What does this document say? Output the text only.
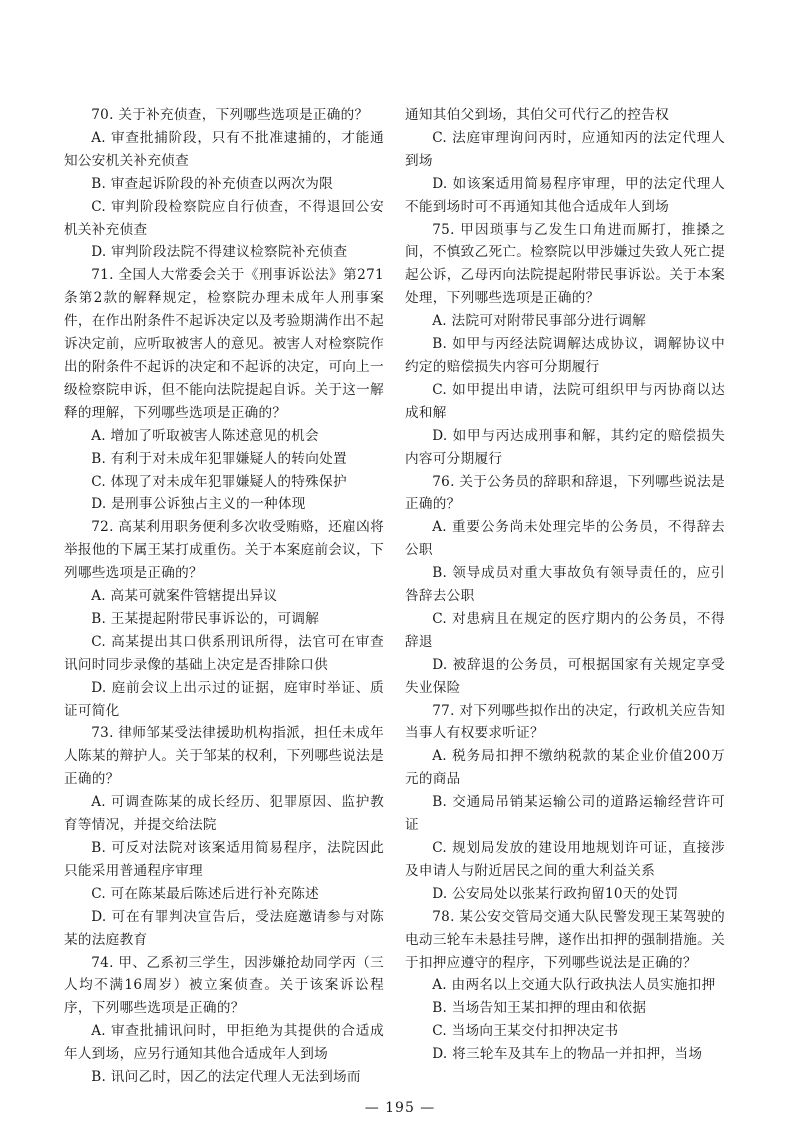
70. 关于补充侦查，下列哪些选项是正确的？

A. 审查批捕阶段，只有不批准逮捕的，才能通知公安机关补充侦查

B. 审查起诉阶段的补充侦查以两次为限

C. 审判阶段检察院应自行侦查，不得退回公安机关补充侦查

D. 审判阶段法院不得建议检察院补充侦查

71. 全国人大常委会关于《刑事诉讼法》第271条第2款的解释规定，检察院办理未成年人刑事案件，在作出附条件不起诉决定以及考验期满作出不起诉决定前，应听取被害人的意见。被害人对检察院作出的附条件不起诉的决定和不起诉的决定，可向上一级检察院申诉，但不能向法院提起自诉。关于这一解释的理解，下列哪些选项是正确的？

A. 增加了听取被害人陈述意见的机会

B. 有利于对未成年犯罪嫌疑人的转向处置

C. 体现了对未成年犯罪嫌疑人的特殊保护

D. 是刑事公诉独占主义的一种体现

72. 高某利用职务便利多次收受贿赂，还雇凶将举报他的下属王某打成重伤。关于本案庭前会议，下列哪些选项是正确的？

A. 高某可就案件管辖提出异议

B. 王某提起附带民事诉讼的，可调解

C. 高某提出其口供系刑讯所得，法官可在审查讯问时同步录像的基础上决定是否排除口供

D. 庭前会议上出示过的证据，庭审时举证、质证可简化

73. 律师邹某受法律援助机构指派，担任未成年人陈某的辩护人。关于邹某的权利，下列哪些说法是正确的？

A. 可调查陈某的成长经历、犯罪原因、监护教育等情况，并提交给法院

B. 可反对法院对该案适用简易程序，法院因此只能采用普通程序审理

C. 可在陈某最后陈述后进行补充陈述

D. 可在有罪判决宣告后，受法庭邀请参与对陈某的法庭教育

74. 甲、乙系初三学生，因涉嫌抢劫同学丙（三人均不满16周岁）被立案侦查。关于该案诉讼程序，下列哪些选项是正确的？

A. 审查批捕讯问时，甲拒绝为其提供的合适成年人到场，应另行通知其他合适成年人到场

B. 讯问乙时，因乙的法定代理人无法到场而

通知其伯父到场，其伯父可代行乙的控告权

C. 法庭审理询问丙时，应通知丙的法定代理人到场

D. 如该案适用简易程序审理，甲的法定代理人不能到场时可不再通知其他合适成年人到场

75. 甲因琐事与乙发生口角进而厮打，推搡之间，不慎致乙死亡。检察院以甲涉嫌过失致人死亡提起公诉，乙母丙向法院提起附带民事诉讼。关于本案处理，下列哪些选项是正确的？

A. 法院可对附带民事部分进行调解

B. 如甲与丙经法院调解达成协议，调解协议中约定的赔偿损失内容可分期履行

C. 如甲提出申请，法院可组织甲与丙协商以达成和解

D. 如甲与丙达成刑事和解，其约定的赔偿损失内容可分期履行

76. 关于公务员的辞职和辞退，下列哪些说法是正确的？

A. 重要公务尚未处理完毕的公务员，不得辞去公职

B. 领导成员对重大事故负有领导责任的，应引咎辞去公职

C. 对患病且在规定的医疗期内的公务员，不得辞退

D. 被辞退的公务员，可根据国家有关规定享受失业保险

77. 对下列哪些拟作出的决定，行政机关应告知当事人有权要求听证？

A. 税务局扣押不缴纳税款的某企业价值200万元的商品

B. 交通局吊销某运输公司的道路运输经营许可证

C. 规划局发放的建设用地规划许可证，直接涉及申请人与附近居民之间的重大利益关系

D. 公安局处以张某行政拘留10天的处罚

78. 某公安交管局交通大队民警发现王某驾驶的电动三轮车未悬挂号牌，遂作出扣押的强制措施。关于扣押应遵守的程序，下列哪些说法是正确的？

A. 由两名以上交通大队行政执法人员实施扣押

B. 当场告知王某扣押的理由和依据

C. 当场向王某交付扣押决定书

D. 将三轮车及其车上的物品一并扣押，当场

— 195 —
